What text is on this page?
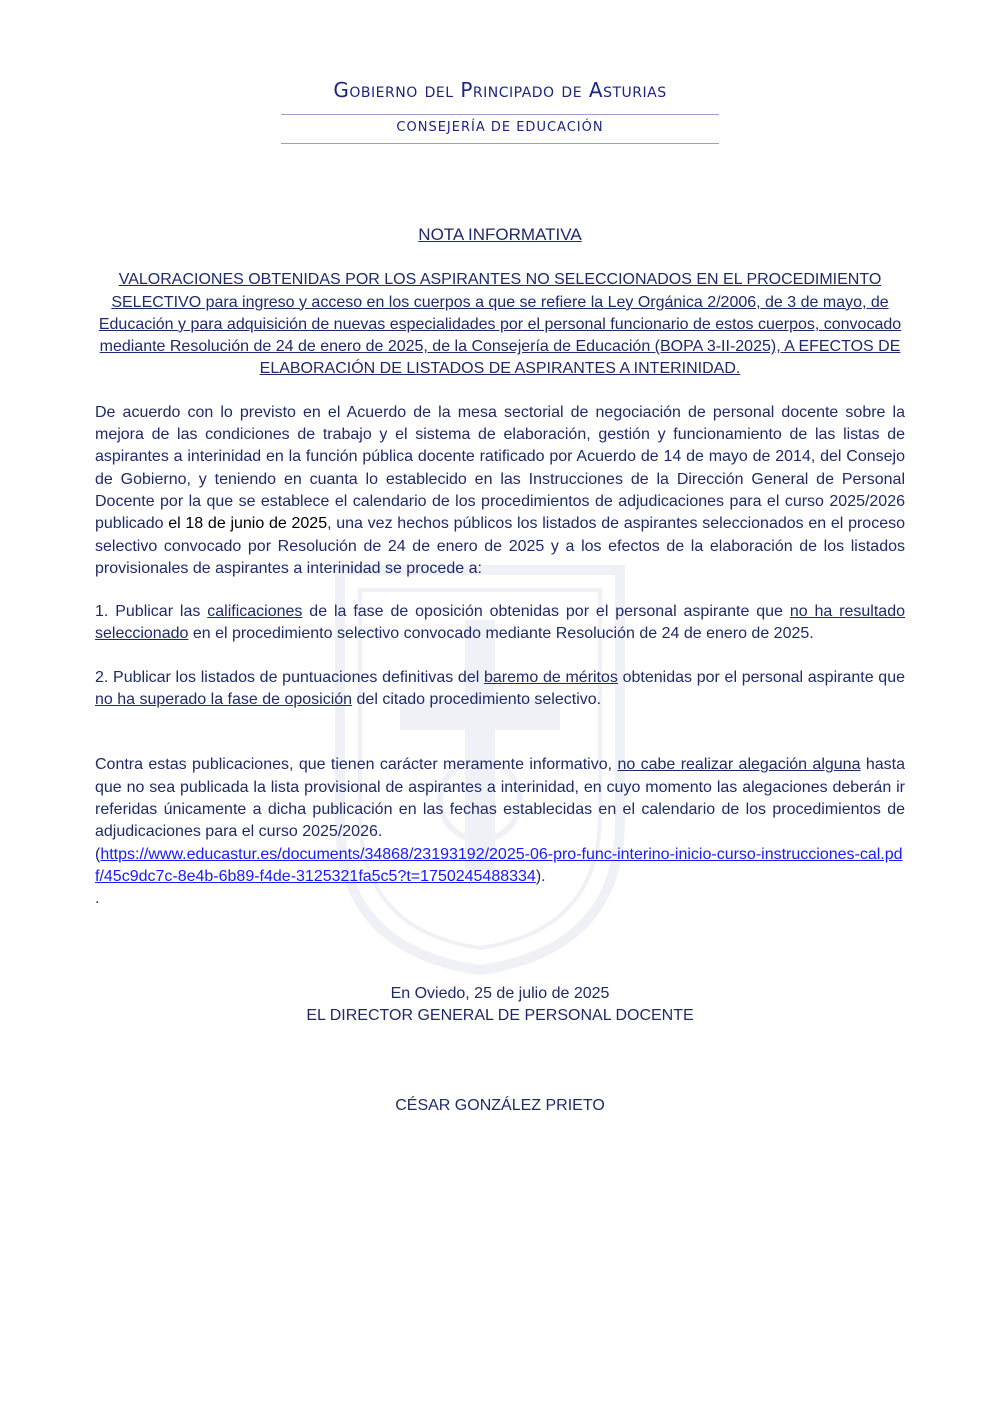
Gobierno del Principado de Asturias
CONSEJERÍA DE EDUCACIÓN
NOTA INFORMATIVA
VALORACIONES OBTENIDAS POR LOS ASPIRANTES NO SELECCIONADOS EN EL PROCEDIMIENTO SELECTIVO para ingreso y acceso en los cuerpos a que se refiere la Ley Orgánica 2/2006, de 3 de mayo, de Educación y para adquisición de nuevas especialidades por el personal funcionario de estos cuerpos, convocado mediante Resolución de 24 de enero de 2025, de la Consejería de Educación (BOPA 3-II-2025), A EFECTOS DE ELABORACIÓN DE LISTADOS DE ASPIRANTES A INTERINIDAD.

De acuerdo con lo previsto en el Acuerdo de la mesa sectorial de negociación de personal docente sobre la mejora de las condiciones de trabajo y el sistema de elaboración, gestión y funcionamiento de las listas de aspirantes a interinidad en la función pública docente ratificado por Acuerdo de 14 de mayo de 2014, del Consejo de Gobierno, y teniendo en cuanta lo establecido en las Instrucciones de la Dirección General de Personal Docente por la que se establece el calendario de los procedimientos de adjudicaciones para el curso 2025/2026 publicado el 18 de junio de 2025, una vez hechos públicos los listados de aspirantes seleccionados en el proceso selectivo convocado por Resolución de 24 de enero de 2025 y a los efectos de la elaboración de los listados provisionales de aspirantes a interinidad se procede a:

1. Publicar las calificaciones de la fase de oposición obtenidas por el personal aspirante que no ha resultado seleccionado en el procedimiento selectivo convocado mediante Resolución de 24 de enero de 2025.

2. Publicar los listados de puntuaciones definitivas del baremo de méritos obtenidas por el personal aspirante que no ha superado la fase de oposición del citado procedimiento selectivo.

Contra estas publicaciones, que tienen carácter meramente informativo, no cabe realizar alegación alguna hasta que no sea publicada la lista provisional de aspirantes a interinidad, en cuyo momento las alegaciones deberán ir referidas únicamente a dicha publicación en las fechas establecidas en el calendario de los procedimientos de adjudicaciones para el curso 2025/2026.
(https://www.educastur.es/documents/34868/23193192/2025-06-pro-func-interino-inicio-curso-instrucciones-cal.pdf/45c9dc7c-8e4b-6b89-f4de-3125321fa5c5?t=1750245488334).

.

En Oviedo, 25 de julio de 2025
EL DIRECTOR GENERAL DE PERSONAL DOCENTE
CÉSAR GONZÁLEZ PRIETO
